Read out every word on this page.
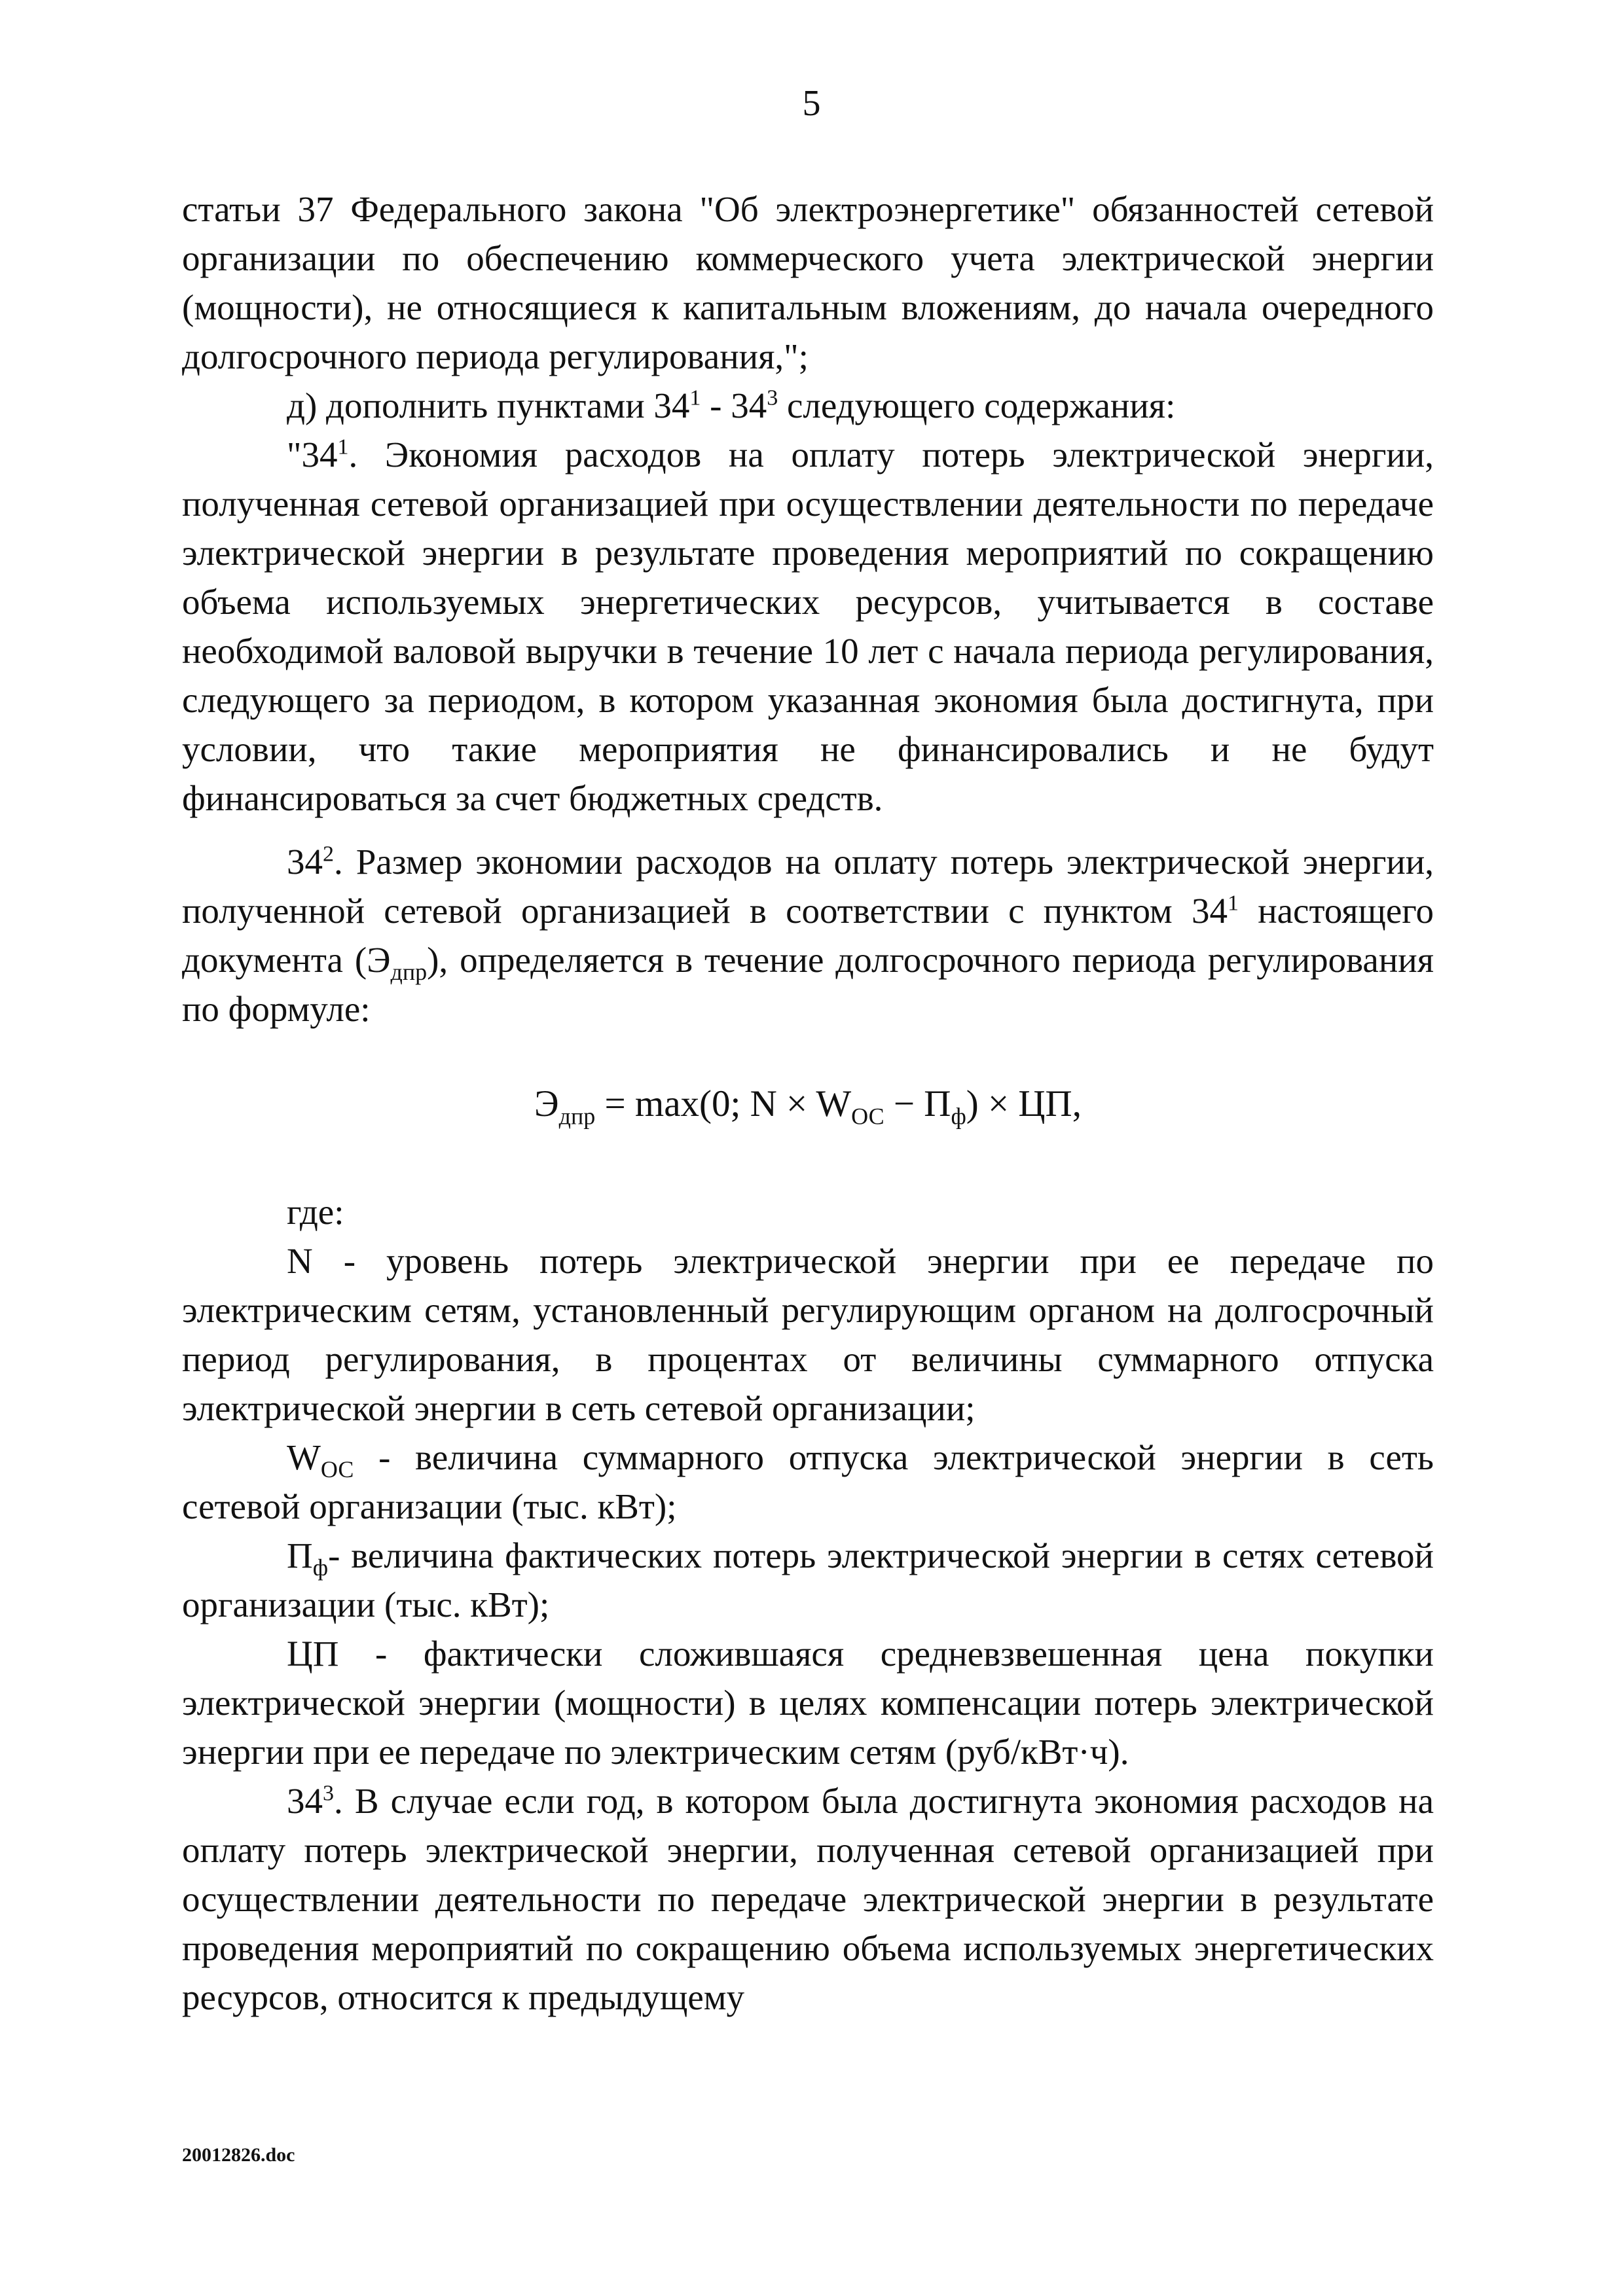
5

статьи 37 Федерального закона "Об электроэнергетике" обязанностей сетевой организации по обеспечению коммерческого учета электрической энергии (мощности), не относящиеся к капитальным вложениям, до начала очередного долгосрочного периода регулирования,";

д) дополнить пунктами $34^1 - 34^3$ следующего содержания:

"$34^1$. Экономия расходов на оплату потерь электрической энергии, полученная сетевой организацией при осуществлении деятельности по передаче электрической энергии в результате проведения мероприятий по сокращению объема используемых энергетических ресурсов, учитывается в составе необходимой валовой выручки в течение 10 лет с начала периода регулирования, следующего за периодом, в котором указанная экономия была достигнута, при условии, что такие мероприятия не финансировались и не будут финансироваться за счет бюджетных средств.

$34^2$. Размер экономии расходов на оплату потерь электрической энергии, полученной сетевой организацией в соответствии с пунктом $34^1$ настоящего документа $(Э_{дпр})$, определяется в течение долгосрочного периода регулирования по формуле:

$Э_{дпр} = \max(0$; $N \times W_{ОС} - П_ф$) × ЦП,

где:

N - уровень потерь электрической энергии при ее передаче по электрическим сетям, установленный регулирующим органом на долгосрочный период регулирования, в процентах от величины суммарного отпуска электрической энергии в сеть сетевой организации;

$W_{ОС}$ - величина суммарного отпуска электрической энергии в сеть сетевой организации (тыс. кВт);

$П_ф-$ величина фактических потерь электрической энергии в сетях сетевой организации (тыс. кВт);

ЦП - фактически сложившаяся средневзвешенная цена покупки электрической энергии (мощности) в целях компенсации потерь электрической энергии при ее передаче по электрическим сетям (руб/кВт·ч).

$34^3$. В случае если год, в котором была достигнута экономия расходов на оплату потерь электрической энергии, полученная сетевой организацией при осуществлении деятельности по передаче электрической энергии в результате проведения мероприятий по сокращению объема используемых энергетических ресурсов, относится к предыдущему

20012826.doc
